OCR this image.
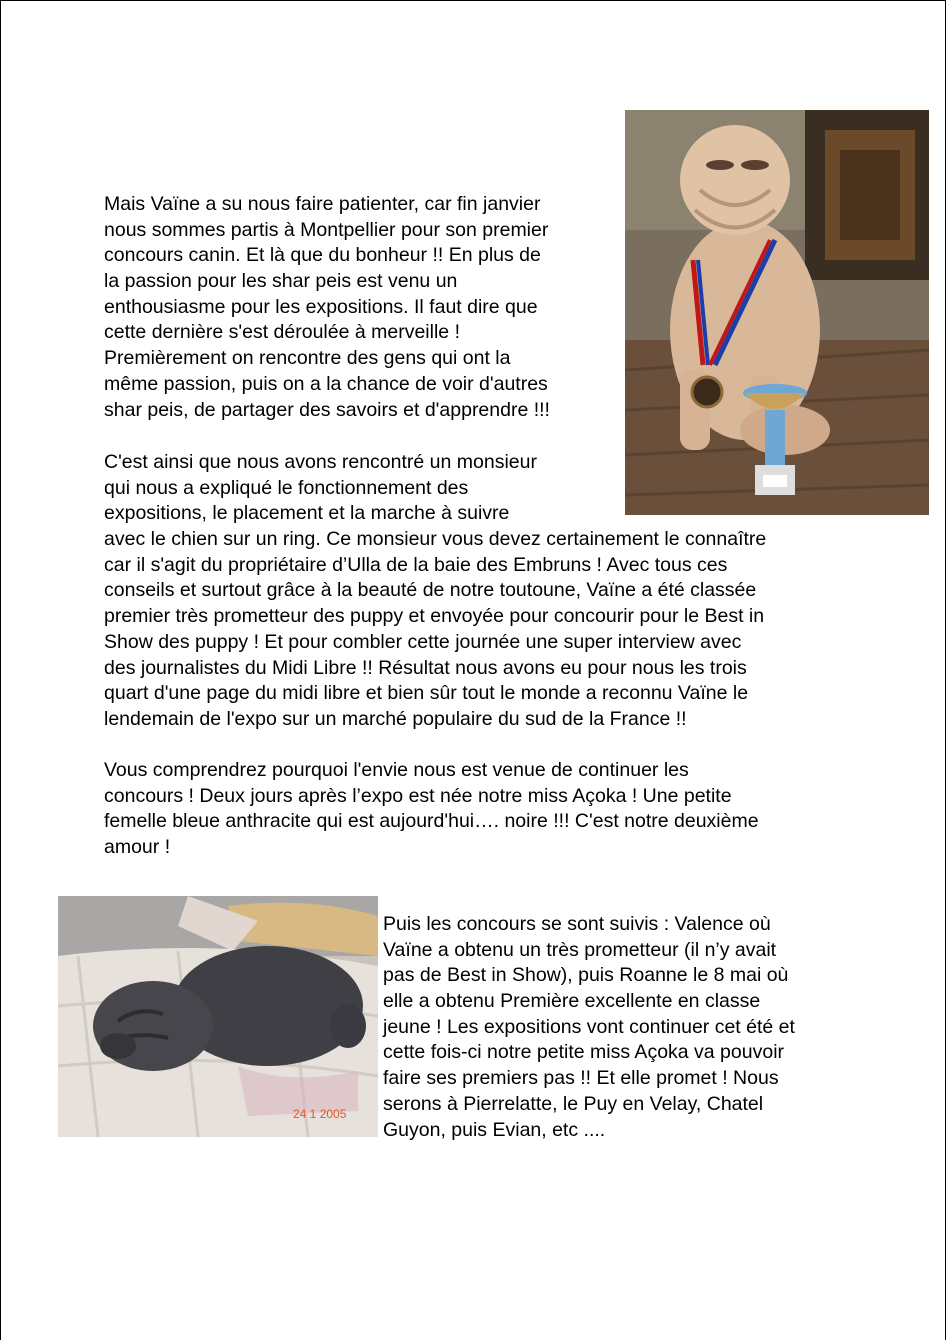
Mais Vaïne a su nous faire patienter, car fin janvier
nous sommes partis à Montpellier pour son premier
concours canin. Et là que du bonheur !! En plus de
la passion pour les shar peis est venu un
enthousiasme pour les expositions. Il faut dire que
cette dernière s'est déroulée à merveille !
Premièrement on rencontre des gens qui ont la
même passion, puis on a la chance de voir d'autres
shar peis, de partager des savoirs et d'apprendre !!!
C'est ainsi que nous avons rencontré un monsieur
qui nous a expliqué le fonctionnement des
expositions, le placement et la marche à suivre
avec le chien sur un ring. Ce monsieur vous devez certainement le connaître
car il s'agit du propriétaire d’Ulla de la baie des Embruns ! Avec tous ces
conseils et surtout grâce à la beauté de notre toutoune, Vaïne a été classée
premier très prometteur des puppy et envoyée pour concourir pour le Best in
Show des puppy ! Et pour combler cette journée une super interview avec
des journalistes du Midi Libre !! Résultat nous avons eu pour nous les trois
quart d'une page du midi libre et bien sûr tout le monde a reconnu Vaïne le
lendemain de l'expo sur un marché populaire du sud de la France !!
Vous comprendrez pourquoi l'envie nous est venue de continuer les
concours ! Deux jours après l’expo est née notre miss Açoka ! Une petite
femelle bleue anthracite qui est aujourd'hui…. noire !!! C'est notre deuxième
amour !
24 1 2005
Puis les concours se sont suivis : Valence où
Vaïne a obtenu un très prometteur (il n’y avait
pas de Best in Show), puis Roanne le 8 mai où
elle a obtenu Première excellente en classe
jeune ! Les expositions vont continuer cet été et
cette fois-ci notre petite miss Açoka va pouvoir
faire ses premiers pas !! Et elle promet ! Nous
serons à Pierrelatte, le Puy en Velay, Chatel
Guyon, puis Evian, etc ....
